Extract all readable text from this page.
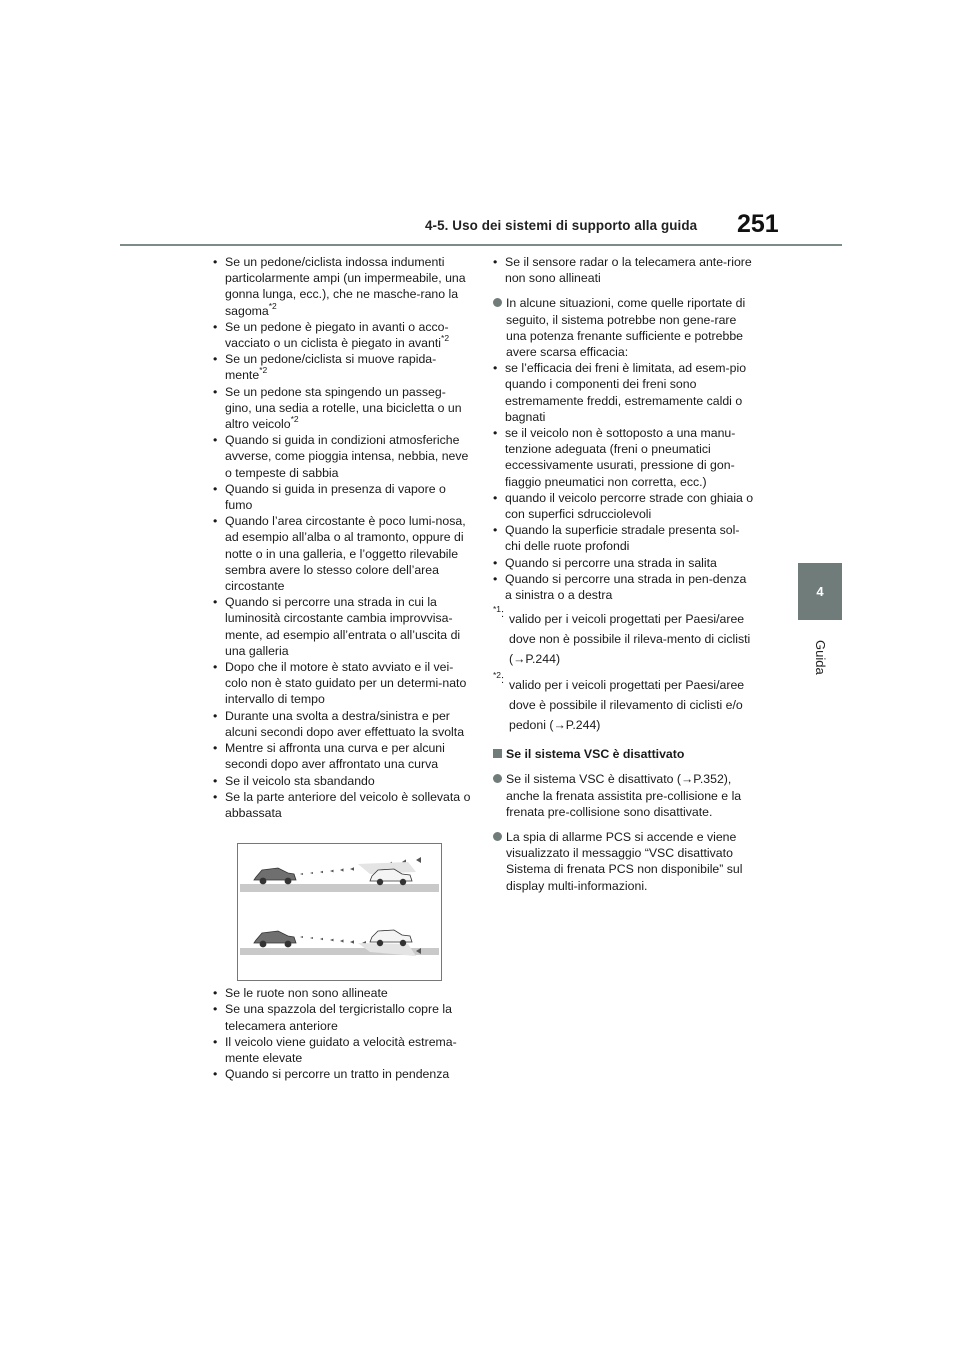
4-5. Uso dei sistemi di supporto alla guida 251
4
Guida
• Se un pedone/ciclista indossa indumenti particolarmente ampi (un impermeabile, una gonna lunga, ecc.), che ne masche-rano la sagoma$^{*2}$
• Se un pedone è piegato in avanti o acco-vacciato o un ciclista è piegato in avanti$^{*2}$
• Se un pedone/ciclista si muove rapida-mente$^{*2}$
• Se un pedone sta spingendo un passeg-gino, una sedia a rotelle, una bicicletta o un altro veicolo$^{*2}$
• Quando si guida in condizioni atmosferiche avverse, come pioggia intensa, nebbia, neve o tempeste di sabbia
• Quando si guida in presenza di vapore o fumo
• Quando l’area circostante è poco lumi-nosa, ad esempio all’alba o al tramonto, oppure di notte o in una galleria, e l’oggetto rilevabile sembra avere lo stesso colore dell’area circostante
• Quando si percorre una strada in cui la luminosità circostante cambia improvvisa-mente, ad esempio all’entrata o all’uscita di una galleria
• Dopo che il motore è stato avviato e il vei-colo non è stato guidato per un determi-nato intervallo di tempo
• Durante una svolta a destra/sinistra e per alcuni secondi dopo aver effettuato la svolta
• Mentre si affronta una curva e per alcuni secondi dopo aver affrontato una curva
• Se il veicolo sta sbandando
• Se la parte anteriore del veicolo è sollevata o abbassata
• Se le ruote non sono allineate
• Se una spazzola del tergicristallo copre la telecamera anteriore
• Il veicolo viene guidato a velocità estrema-mente elevate
• Quando si percorre un tratto in pendenza
• Se il sensore radar o la telecamera ante-riore non sono allineati
In alcune situazioni, come quelle riportate di seguito, il sistema potrebbe non gene-rare una potenza frenante sufficiente e potrebbe avere scarsa efficacia:
• se l’efficacia dei freni è limitata, ad esem-pio quando i componenti dei freni sono estremamente freddi, estremamente caldi o bagnati
• se il veicolo non è sottoposto a una manu-tenzione adeguata (freni o pneumatici eccessivamente usurati, pressione di gon-fiaggio pneumatici non corretta, ecc.)
• quando il veicolo percorre strade con ghiaia o con superfici sdrucciolevoli
• Quando la superficie stradale presenta sol-chi delle ruote profondi
• Quando si percorre una strada in salita
• Quando si percorre una strada in pen-denza a sinistra o a destra
$^{*1}$: valido per i veicoli progettati per Paesi/aree dove non è possibile il rileva-mento di ciclisti (→P.244)
$^{*2}$: valido per i veicoli progettati per Paesi/aree dove è possibile il rilevamento di ciclisti e/o pedoni (→P.244)
Se il sistema VSC è disattivato
Se il sistema VSC è disattivato (→P.352), anche la frenata assistita pre-collisione e la frenata pre-collisione sono disattivate.
La spia di allarme PCS si accende e viene visualizzato il messaggio “VSC disattivato Sistema di frenata PCS non disponibile” sul display multi-informazioni.
